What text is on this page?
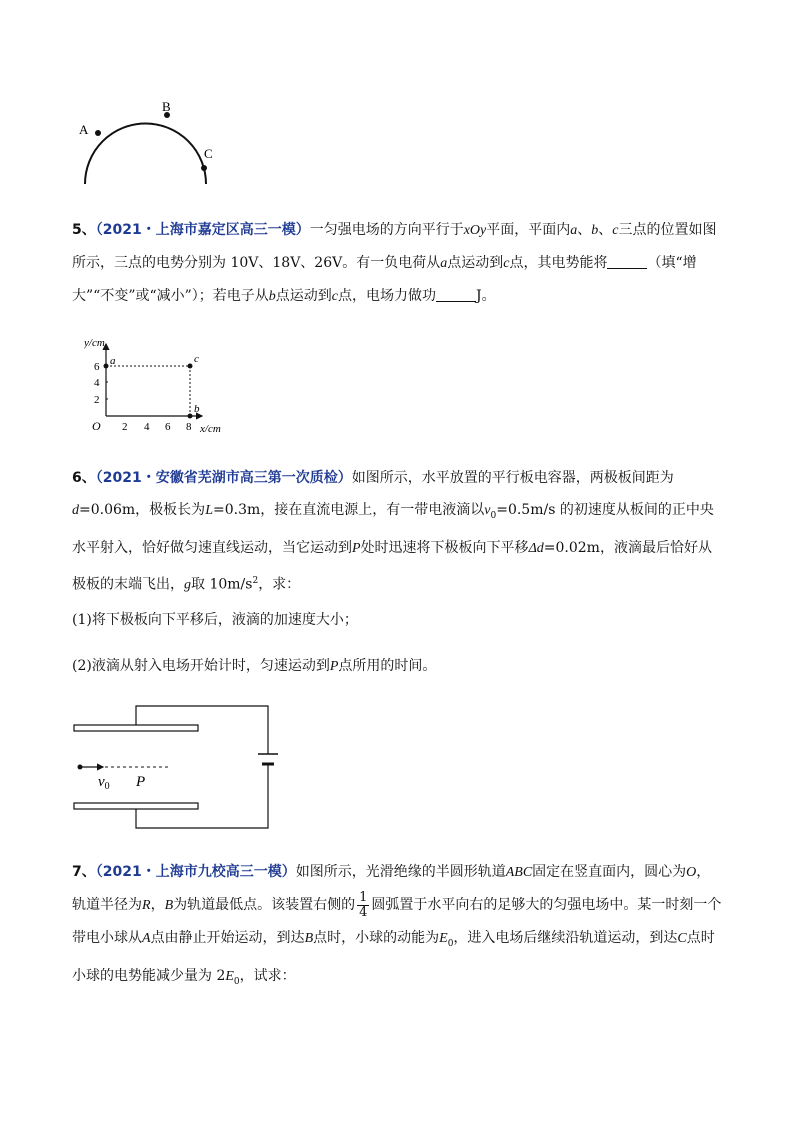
A
B
C
5、（2021・上海市嘉定区高三一模）一匀强电场的方向平行于xOy平面，平面内a、b、c三点的位置如图所示，三点的电势分别为 10V、18V、26V。有一负电荷从a点运动到c点，其电势能将	（填“增大”“不变”或“减小”）；若电子从b点运动到c点，电场力做功	J。
y/cm
x/cm
O
2
4
6
2 4 6 8
a
b
c
6、（2021・安徽省芜湖市高三第一次质检）如图所示，水平放置的平行板电容器，两极板间距为d=0.06m，极板长为L=0.3m，接在直流电源上，有一带电液滴以$v_0=0.5m/s$ 的初速度从板间的正中央水平射入，恰好做匀速直线运动，当它运动到P处时迅速将下极板向下平移Δd=0.02m，液滴最后恰好从极板的末端飞出，g取 $10m/s^2$，求：
(1)将下极板向下平移后，液滴的加速度大小；
(2)液滴从射入电场开始计时，匀速运动到P点所用的时间。
$v_0$ P
7、（2021・上海市九校高三一模）如图所示，光滑绝缘的半圆形轨道ABC固定在竖直面内，圆心为O，轨道半径为R，B为轨道最低点。该装置右侧的 $\frac{1}{4}$ 圆弧置于水平向右的足够大的匀强电场中。某一时刻一个带电小球从A点由静止开始运动，到达B点时，小球的动能为$E_0$，进入电场后继续沿轨道运动，到达C点时小球的电势能减少量为 $2E_0$，试求：
